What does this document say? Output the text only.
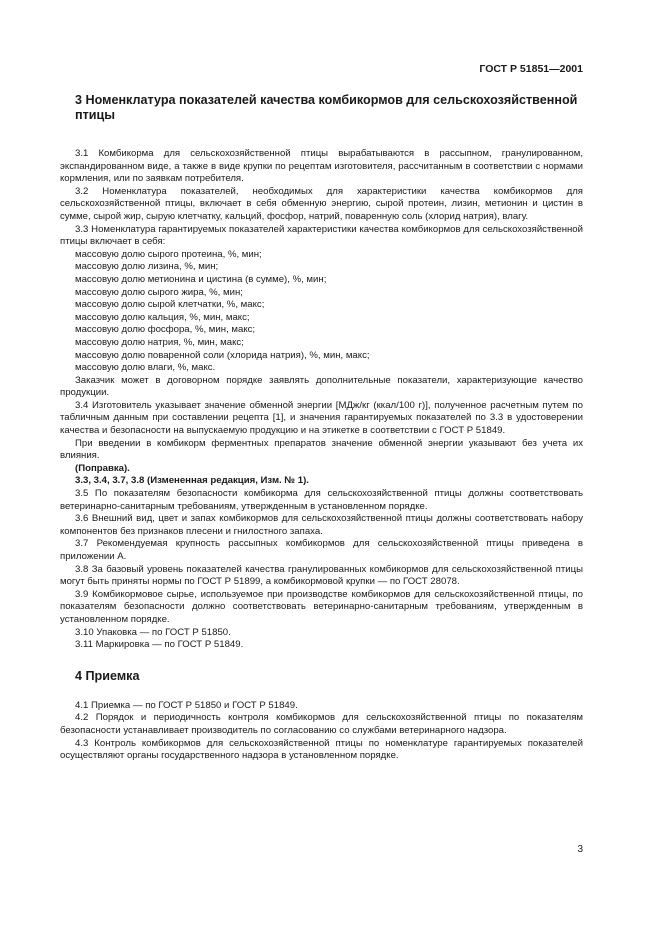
ГОСТ Р 51851—2001
3 Номенклатура показателей качества комбикормов для сельскохозяйственной птицы

3.1 Комбикорма для сельскохозяйственной птицы вырабатываются в рассыпном, гранулированном, экспандированном виде, а также в виде крупки по рецептам изготовителя, рассчитанным в соответствии с нормами кормления, или по заявкам потребителя.

3.2 Номенклатура показателей, необходимых для характеристики качества комбикормов для сельскохозяйственной птицы, включает в себя обменную энергию, сырой протеин, лизин, метионин и цистин в сумме, сырой жир, сырую клетчатку, кальций, фосфор, натрий, поваренную соль (хлорид натрия), влагу.

3.3 Номенклатура гарантируемых показателей характеристики качества комбикормов для сельскохозяйственной птицы включает в себя:

массовую долю сырого протеина, %, мин;

массовую долю лизина, %, мин;

массовую долю метионина и цистина (в сумме), %, мин;

массовую долю сырого жира, %, мин;

массовую долю сырой клетчатки, %, макс;

массовую долю кальция, %, мин, макс;

массовую долю фосфора, %, мин, макс;

массовую долю натрия, %, мин, макс;

массовую долю поваренной соли (хлорида натрия), %, мин, макс;

массовую долю влаги, %, макс.

Заказчик может в договорном порядке заявлять дополнительные показатели, характеризующие качество продукции.

3.4 Изготовитель указывает значение обменной энергии [МДж/кг (ккал/100 г)], полученное расчетным путем по табличным данным при составлении рецепта [1], и значения гарантируемых показателей по 3.3 в удостоверении качества и безопасности на выпускаемую продукцию и на этикетке в соответствии с ГОСТ Р 51849.

При введении в комбикорм ферментных препаратов значение обменной энергии указывают без учета их влияния.

(Поправка).

3.3, 3.4, 3.7, 3.8 (Измененная редакция, Изм. № 1).

3.5 По показателям безопасности комбикорма для сельскохозяйственной птицы должны соответствовать ветеринарно-санитарным требованиям, утвержденным в установленном порядке.

3.6 Внешний вид, цвет и запах комбикормов для сельскохозяйственной птицы должны соответствовать набору компонентов без признаков плесени и гнилостного запаха.

3.7 Рекомендуемая крупность рассыпных комбикормов для сельскохозяйственной птицы приведена в приложении А.

3.8 За базовый уровень показателей качества гранулированных комбикормов для сельскохозяйственной птицы могут быть приняты нормы по ГОСТ Р 51899, а комбикормовой крупки — по ГОСТ 28078.

3.9 Комбикормовое сырье, используемое при производстве комбикормов для сельскохозяйственной птицы, по показателям безопасности должно соответствовать ветеринарно-санитарным требованиям, утвержденным в установленном порядке.

3.10 Упаковка — по ГОСТ Р 51850.

3.11 Маркировка — по ГОСТ Р 51849.

4 Приемка

4.1 Приемка — по ГОСТ Р 51850 и ГОСТ Р 51849.

4.2 Порядок и периодичность контроля комбикормов для сельскохозяйственной птицы по показателям безопасности устанавливает производитель по согласованию со службами ветеринарного надзора.

4.3 Контроль комбикормов для сельскохозяйственной птицы по номенклатуре гарантируемых показателей осуществляют органы государственного надзора в установленном порядке.

3
